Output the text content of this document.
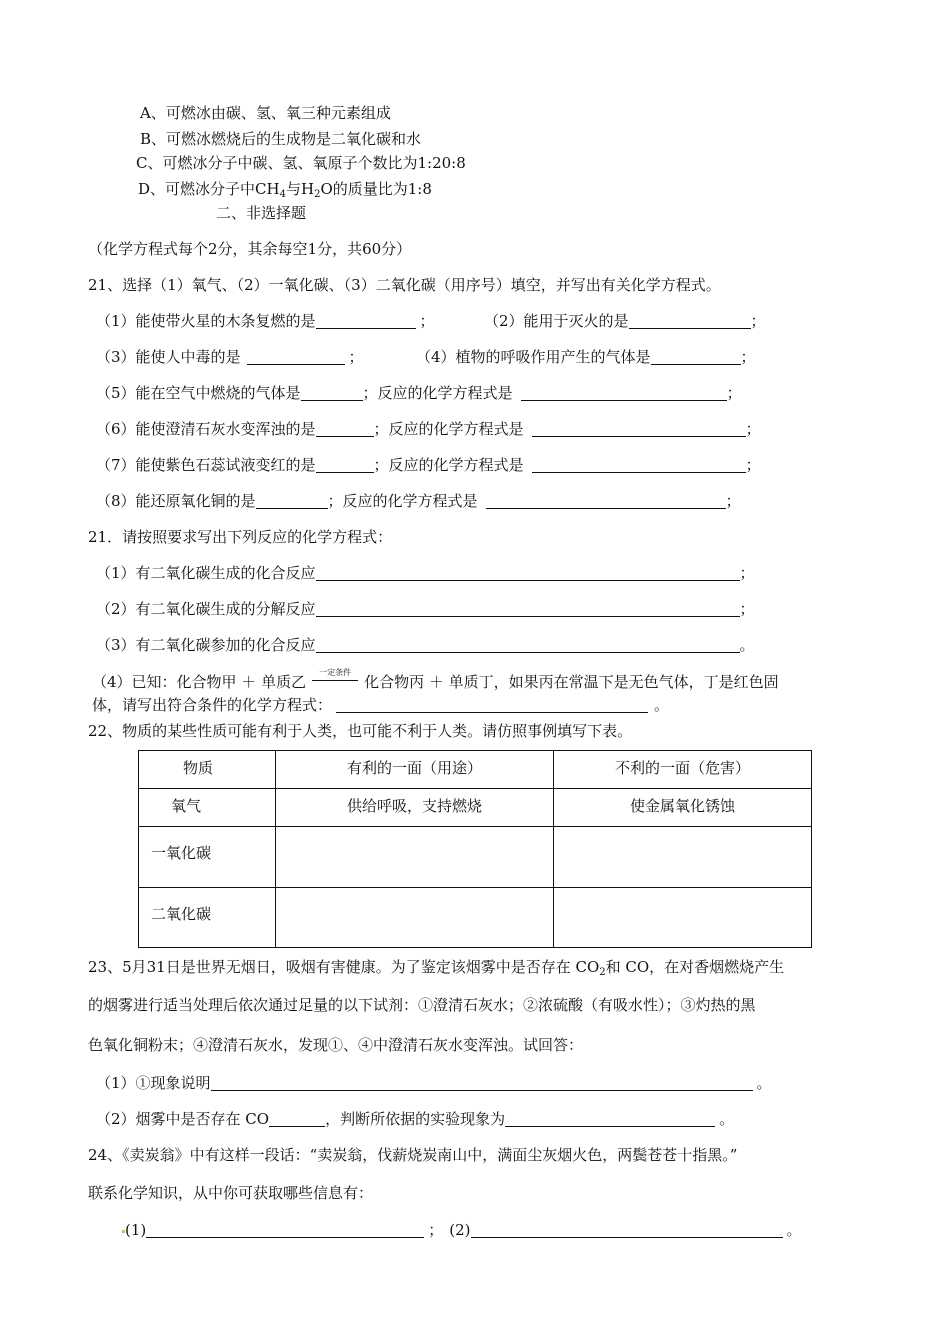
A、可燃冰由碳、氢、氧三种元素组成
B、可燃冰燃烧后的生成物是二氧化碳和水
C、可燃冰分子中碳、氢、氧原子个数比为1:20:8
D、可燃冰分子中$CH_4$与$H_2O$的质量比为1:8
二、非选择题
（化学方程式每个2分，其余每空1分，共60分）
21、选择（1）氧气、（2）一氧化碳、（3）二氧化碳（用序号）填空，并写出有关化学方程式。
（1）能使带火星的木条复燃的是	；	（2）能用于灭火的是	；
（3）能使人中毒的是	；	（4）植物的呼吸作用产生的气体是	；
（5）能在空气中燃烧的气体是	；反应的化学方程式是	；
（6）能使澄清石灰水变浑浊的是	；反应的化学方程式是	；
（7）能使紫色石蕊试液变红的是	；反应的化学方程式是	；
（8）能还原氧化铜的是	；反应的化学方程式是	；
21．请按照要求写出下列反应的化学方程式：
（1）有二氧化碳生成的化合反应	；
（2）有二氧化碳生成的分解反应	；
（3）有二氧化碳参加的化合反应	。
（4）已知：化合物甲 ＋ 单质乙
一定条件
化合物丙 ＋ 单质丁，如果丙在常温下是无色气体，丁是红色固
体，请写出符合条件的化学方程式：	。
22、物质的某些性质可能有利于人类，也可能不利于人类。请仿照事例填写下表。
物质	有利的一面（用途）	不利的一面（危害）
氧气	供给呼吸，支持燃烧	使金属氧化锈蚀
一氧化碳		
二氧化碳		
23、5月31日是世界无烟日，吸烟有害健康。为了鉴定该烟雾中是否存在 $CO_2$和 CO，在对香烟燃烧产生
的烟雾进行适当处理后依次通过足量的以下试剂：①澄清石灰水；②浓硫酸（有吸水性）；③灼热的黑
色氧化铜粉末；④澄清石灰水，发现①、④中澄清石灰水变浑浊。试回答：
（1）①现象说明	。
（2）烟雾中是否存在 CO	，判断所依据的实验现象为	。
24、《卖炭翁》中有这样一段话：“卖炭翁，伐薪烧炭南山中，满面尘灰烟火色，两鬓苍苍十指黑。”
联系化学知识，从中你可获取哪些信息有：
(1)	； (2)	。
